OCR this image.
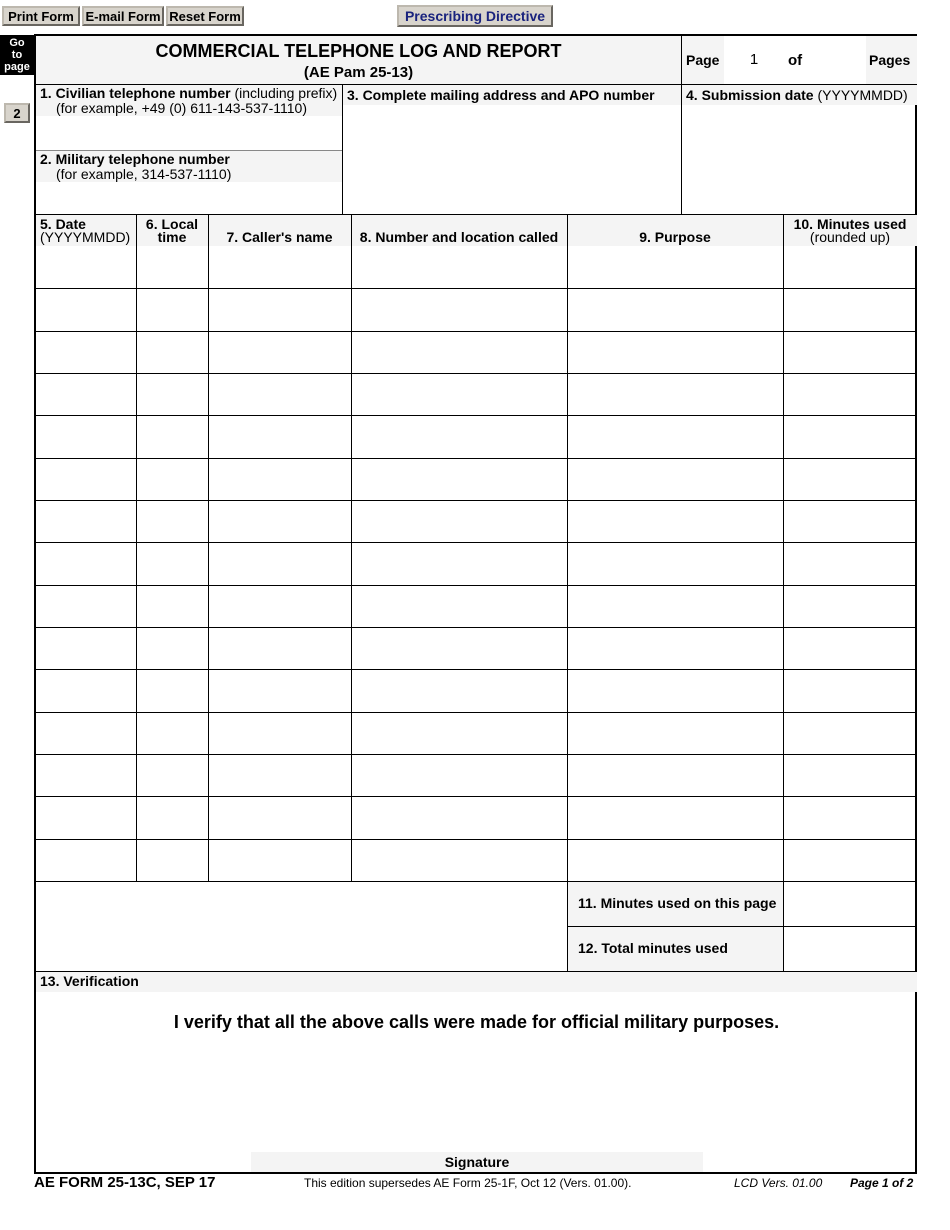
Print Form E-mail Form Reset Form	Prescribing Directive
Go
to
page
2
COMMERCIAL TELEPHONE LOG AND REPORT
(AE Pam 25-13)
Page	1	of	Pages
1. Civilian telephone number (including prefix)
(for example, +49 (0) 611-143-537-1110)
2. Military telephone number
(for example, 314-537-1110)
3. Complete mailing address and APO number 4. Submission date (YYYYMMDD)
5. Date
(YYYYMMDD)
6. Local
time	7. Caller's name	8. Number and location called	9. Purpose
10. Minutes used
(rounded up)
11. Minutes used on this page
12. Total minutes used
13. Verification
I verify that all the above calls were made for official military purposes.
Signature
AE FORM 25-13C, SEP 17	This edition supersedes AE Form 25-1F, Oct 12 (Vers. 01.00).	LCD Vers. 01.00 Page 1 of 2
